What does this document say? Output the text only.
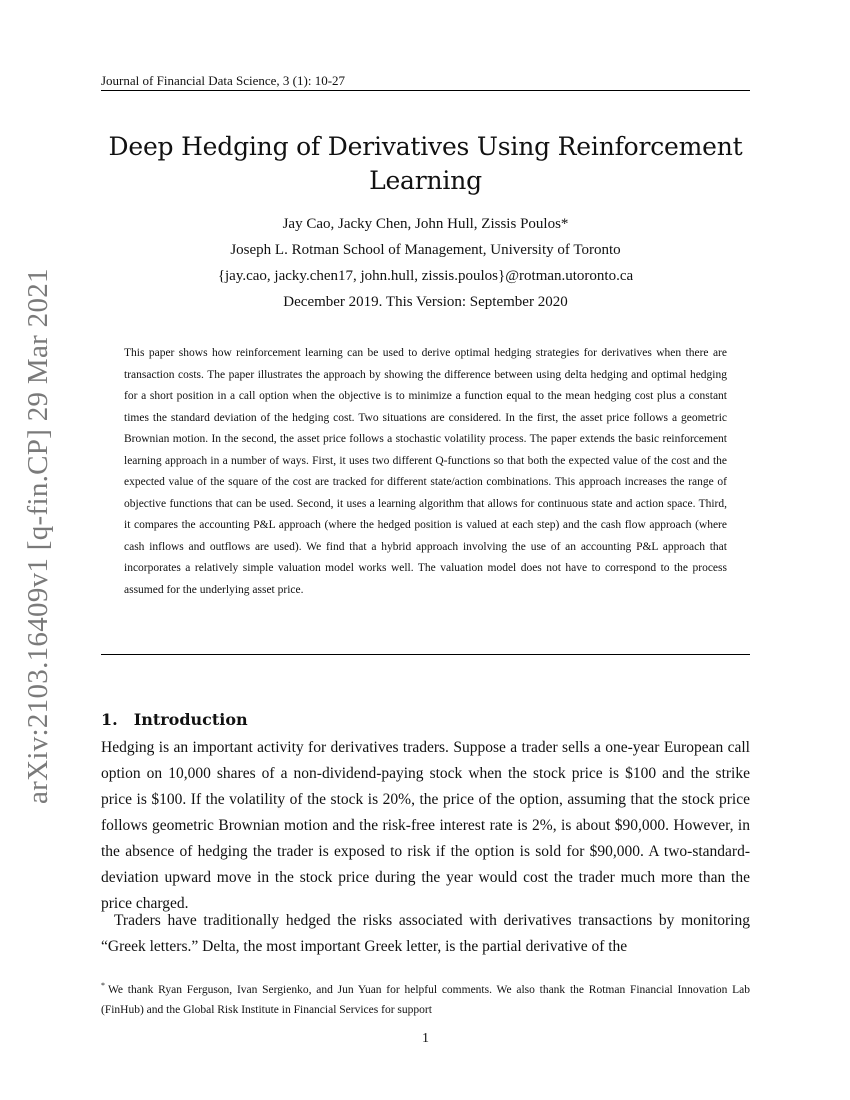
Journal of Financial Data Science, 3 (1): 10-27
Deep Hedging of Derivatives Using Reinforcement Learning
Jay Cao, Jacky Chen, John Hull, Zissis Poulos*
Joseph L. Rotman School of Management, University of Toronto
{jay.cao, jacky.chen17, john.hull, zissis.poulos}@rotman.utoronto.ca
December 2019. This Version: September 2020

This paper shows how reinforcement learning can be used to derive optimal hedging strategies for derivatives when there are transaction costs. The paper illustrates the approach by showing the difference between using delta hedging and optimal hedging for a short position in a call option when the objective is to minimize a function equal to the mean hedging cost plus a constant times the standard deviation of the hedging cost. Two situations are considered. In the first, the asset price follows a geometric Brownian motion. In the second, the asset price follows a stochastic volatility process. The paper extends the basic reinforcement learning approach in a number of ways. First, it uses two different Q-functions so that both the expected value of the cost and the expected value of the square of the cost are tracked for different state/action combinations. This approach increases the range of objective functions that can be used. Second, it uses a learning algorithm that allows for continuous state and action space. Third, it compares the accounting P&L approach (where the hedged position is valued at each step) and the cash flow approach (where cash inflows and outflows are used). We find that a hybrid approach involving the use of an accounting P&L approach that incorporates a relatively simple valuation model works well. The valuation model does not have to correspond to the process assumed for the underlying asset price.

1. Introduction

Hedging is an important activity for derivatives traders. Suppose a trader sells a one-year European call option on 10,000 shares of a non-dividend-paying stock when the stock price is $100 and the strike price is $100. If the volatility of the stock is 20%, the price of the option, assuming that the stock price follows geometric Brownian motion and the risk-free interest rate is 2%, is about $90,000. However, in the absence of hedging the trader is exposed to risk if the option is sold for $90,000. A two-standard-deviation upward move in the stock price during the year would cost the trader much more than the price charged.

Traders have traditionally hedged the risks associated with derivatives transactions by monitoring “Greek letters.” Delta, the most important Greek letter, is the partial derivative of the

* We thank Ryan Ferguson, Ivan Sergienko, and Jun Yuan for helpful comments. We also thank the Rotman Financial Innovation Lab (FinHub) and the Global Risk Institute in Financial Services for support

1
arXiv:2103.16409v1 [q-fin.CP] 29 Mar 2021
